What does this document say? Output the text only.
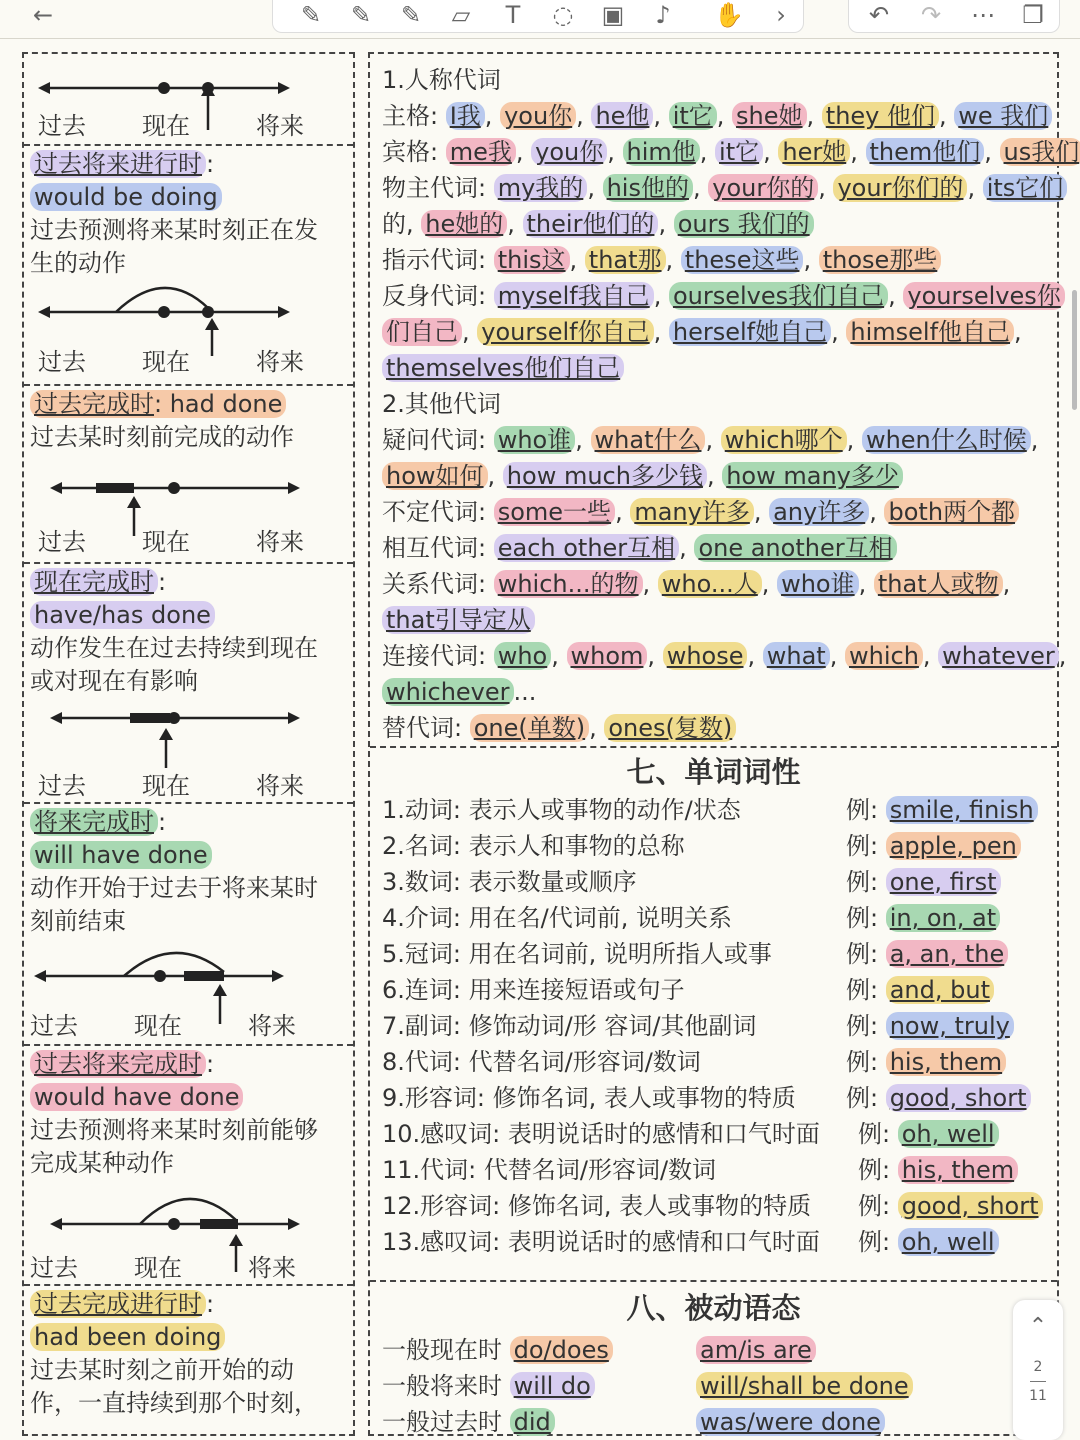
←	✎ ✎ ✎	▱	T	◌ ▣	♪	✋	›	↶ ↷ ⋯ ❐
过去 现在	将来
过去将来进行时 :
would be doing
过去预测将来某时刻正在发
生的动作
过去 现在	将来
过去完成时: had done
过去某时刻前完成的动作
过去 现在	将来
现在完成时 :
have/has done
动作发生在过去持续到现在
或对现在有影响
过去 现在	将来
将来完成时 :
will have done
动作开始于过去于将来某时
刻前结束
过去 现在	将来
过去将来完成时 :
would have done
过去预测将来某时刻前能够
完成某种动作
过去 现在	将来
过去完成进行时 :
had been doing
过去某时刻之前开始的动
作，一直持续到那个时刻，
1.人称代词
主格: I我 , you你 , he他 , it它 , she她 , they 他们 , we 我们
宾格: me我 , you你 , him他 , it它 , her她 , them他们 , us我们
物主代词: my我的 , his他的 , your你的 , your你们的 , its它们
的, he她的 , their他们的 , ours 我们的
指示代词: this这 , that那 , these这些 , those那些
反身代词: myself我自己 , ourselves我们自己 , yourselves你
们自己 , yourself你自己 , herself她自己 , himself他自己 ,
themselves他们自己
2.其他代词
疑问代词: who谁 , what什么 , which哪个 , when什么时候 ,
how如何 , how much多少钱 , how many多少
不定代词: some一些 , many许多 , any许多 , both两个都
相互代词: each other互相 , one another互相
关系代词: which...的物 , who...人 , who谁 , that人或物 ,
that引导定从
连接代词: who , whom , whose , what , which , whatever ,
whichever ...
替代词: one(单数) , ones(复数)
七、单词词性
1.动词: 表示人或事物的动作/状态	例: smile, finish
2.名词: 表示人和事物的总称	例: apple, pen
3.数词: 表示数量或顺序	例: one, first
4.介词: 用在名/代词前, 说明关系	例: in, on, at
5.冠词: 用在名词前, 说明所指人或事	例: a, an, the
6.连词: 用来连接短语或句子	例: and, but
7.副词: 修饰动词/形 容词/其他副词	例: now, truly
8.代词: 代替名词/形容词/数词	例: his, them
9.形容词: 修饰名词, 表人或事物的特质 例: good, short
10.感叹词: 表明说话时的感情和口气时面 例: oh, well
11.代词: 代替名词/形容词/数词	例: his, them
12.形容词: 修饰名词, 表人或事物的特质 例: good, short
13.感叹词: 表明说话时的感情和口气时面 例: oh, well
八、被动语态
一般现在时 do/does	am/is are
一般将来时 will do	will/shall be done
一般过去时 did	was/were done
⌃
2
11
